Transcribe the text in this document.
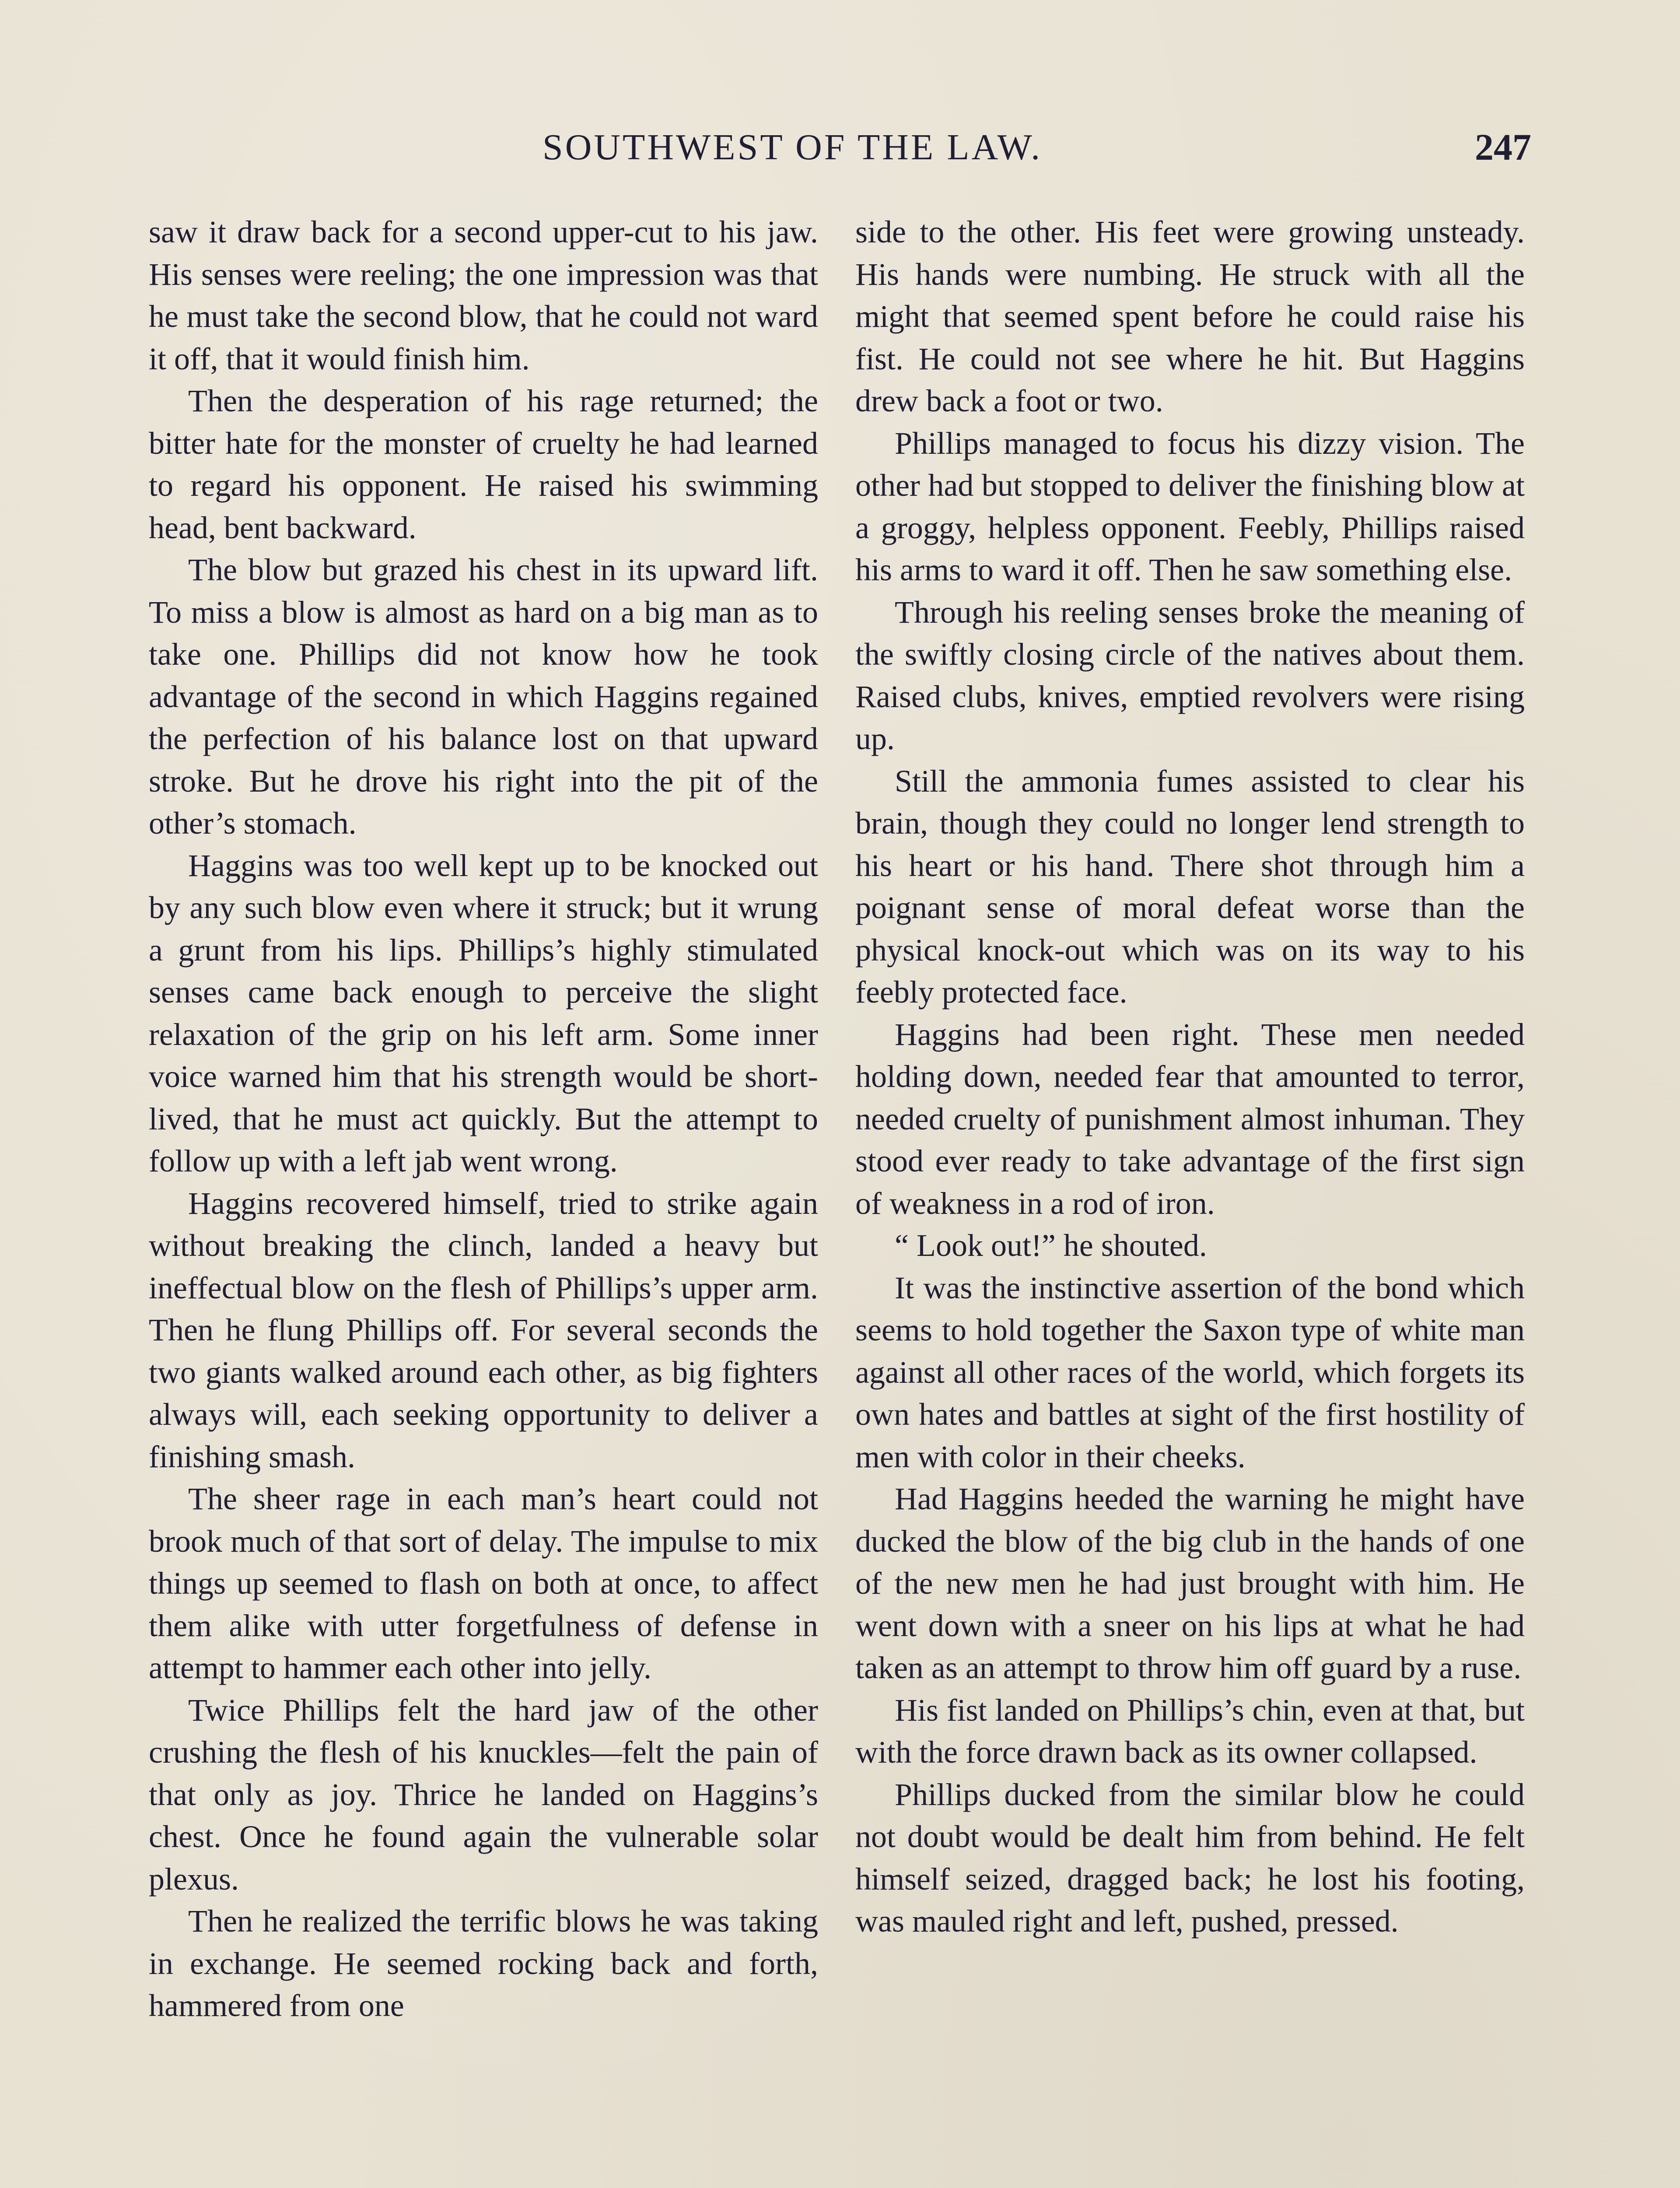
SOUTHWEST OF THE LAW.	247

saw it draw back for a second upper-cut to his jaw. His senses were reeling; the one impression was that he must take the second blow, that he could not ward it off, that it would finish him.

Then the desperation of his rage returned; the bitter hate for the monster of cruelty he had learned to regard his opponent. He raised his swimming head, bent backward.

The blow but grazed his chest in its upward lift. To miss a blow is almost as hard on a big man as to take one. Phillips did not know how he took advantage of the second in which Haggins regained the perfection of his balance lost on that upward stroke. But he drove his right into the pit of the other’s stomach.

Haggins was too well kept up to be knocked out by any such blow even where it struck; but it wrung a grunt from his lips. Phillips’s highly stimulated senses came back enough to perceive the slight relaxation of the grip on his left arm. Some inner voice warned him that his strength would be short-lived, that he must act quickly. But the attempt to follow up with a left jab went wrong.

Haggins recovered himself, tried to strike again without breaking the clinch, landed a heavy but ineffectual blow on the flesh of Phillips’s upper arm. Then he flung Phillips off. For several seconds the two giants walked around each other, as big fighters always will, each seeking opportunity to deliver a finishing smash.

The sheer rage in each man’s heart could not brook much of that sort of delay. The impulse to mix things up seemed to flash on both at once, to affect them alike with utter forgetfulness of defense in attempt to hammer each other into jelly.

Twice Phillips felt the hard jaw of the other crushing the flesh of his knuckles—felt the pain of that only as joy. Thrice he landed on Haggins’s chest. Once he found again the vulnerable solar plexus.

Then he realized the terrific blows he was taking in exchange. He seemed rocking back and forth, hammered from one

side to the other. His feet were growing unsteady. His hands were numbing. He struck with all the might that seemed spent before he could raise his fist. He could not see where he hit. But Haggins drew back a foot or two.

Phillips managed to focus his dizzy vision. The other had but stopped to deliver the finishing blow at a groggy, helpless opponent. Feebly, Phillips raised his arms to ward it off. Then he saw something else.

Through his reeling senses broke the meaning of the swiftly closing circle of the natives about them. Raised clubs, knives, emptied revolvers were rising up.

Still the ammonia fumes assisted to clear his brain, though they could no longer lend strength to his heart or his hand. There shot through him a poignant sense of moral defeat worse than the physical knock-out which was on its way to his feebly protected face.

Haggins had been right. These men needed holding down, needed fear that amounted to terror, needed cruelty of punishment almost inhuman. They stood ever ready to take advantage of the first sign of weakness in a rod of iron.

“ Look out!” he shouted.

It was the instinctive assertion of the bond which seems to hold together the Saxon type of white man against all other races of the world, which forgets its own hates and battles at sight of the first hostility of men with color in their cheeks.

Had Haggins heeded the warning he might have ducked the blow of the big club in the hands of one of the new men he had just brought with him. He went down with a sneer on his lips at what he had taken as an attempt to throw him off guard by a ruse.

His fist landed on Phillips’s chin, even at that, but with the force drawn back as its owner collapsed.

Phillips ducked from the similar blow he could not doubt would be dealt him from behind. He felt himself seized, dragged back; he lost his footing, was mauled right and left, pushed, pressed.
